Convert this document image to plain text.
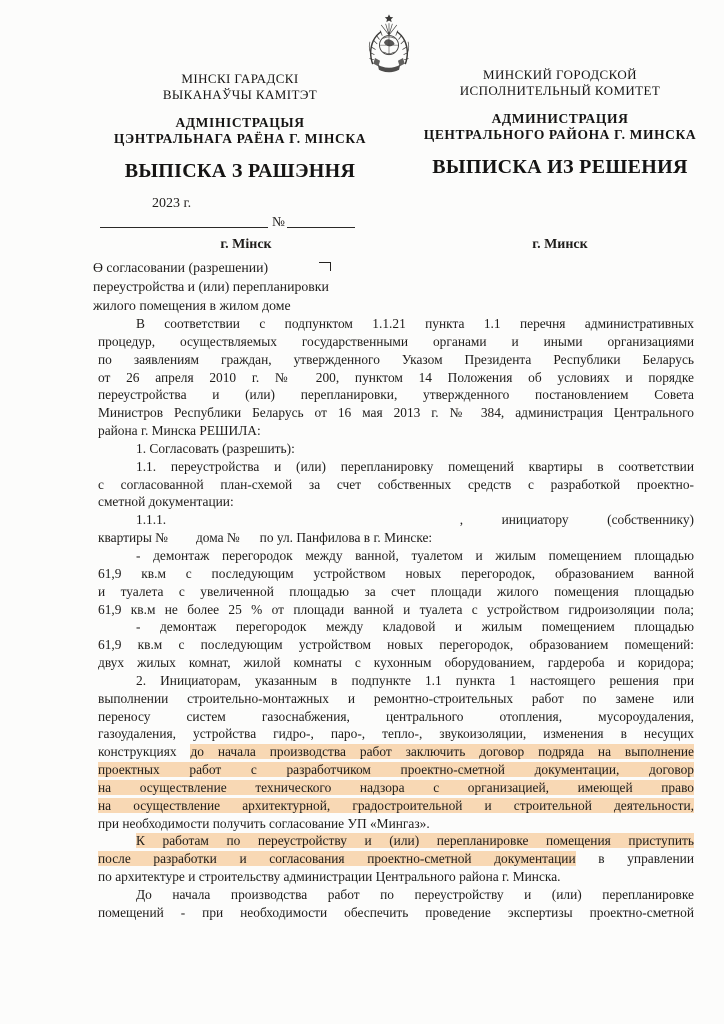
МІНСКІ ГАРАДСКІ
ВЫКАНАЎЧЫ КАМІТЭТ
АДМІНІСТРАЦЫЯ
ЦЭНТРАЛЬНАГА РАЁНА Г. МІНСКА
ВЫПІСКА З РАШЭННЯ
МИНСКИЙ ГОРОДСКОЙ
ИСПОЛНИТЕЛЬНЫЙ КОМИТЕТ
АДМИНИСТРАЦИЯ
ЦЕНТРАЛЬНОГО РАЙОНА Г. МИНСКА
ВЫПИСКА ИЗ РЕШЕНИЯ
2023 г.
№
г. Мінск	г. Минск
Ɵ согласовании (разрешении)
переустройства и (или) перепланировки
жилого помещения в жилом доме
В соответствии с подпунктом 1.1.21 пункта 1.1 перечня административных
процедур, осуществляемых государственными органами и иными организациями
по заявлениям граждан, утвержденного Указом Президента Республики Беларусь
от 26 апреля 2010 г. № 200, пунктом 14 Положения об условиях и порядке
переустройства и (или) перепланировки, утвержденного постановлением Совета
Министров Республики Беларусь от 16 мая 2013 г. № 384, администрация Центрального
района г. Минска РЕШИЛА:
1. Согласовать (разрешить):
1.1. переустройства и (или) перепланировку помещений квартиры в соответствии
с согласованной план-схемой за счет собственных средств с разработкой проектно-
сметной документации:
1.1.1.	, инициатору (собственнику)
квартиры № дома № по ул. Панфилова в г. Минске:
- демонтаж перегородок между ванной, туалетом и жилым помещением площадью
61,9 кв.м с последующим устройством новых перегородок, образованием ванной
и туалета с увеличенной площадью за счет площади жилого помещения площадью
61,9 кв.м не более 25 % от площади ванной и туалета с устройством гидроизоляции пола;
- демонтаж перегородок между кладовой и жилым помещением площадью
61,9 кв.м с последующим устройством новых перегородок, образованием помещений:
двух жилых комнат, жилой комнаты с кухонным оборудованием, гардероба и коридора;
2. Инициаторам, указанным в подпункте 1.1 пункта 1 настоящего решения при
выполнении строительно-монтажных и ремонтно-строительных работ по замене или
переносу систем газоснабжения, центрального отопления, мусороудаления,
газоудаления, устройства гидро-, паро-, тепло-, звукоизоляции, изменения в несущих
конструкциях до начала производства работ заключить договор подряда на выполнение
проектных работ с разработчиком проектно-сметной документации, договор
на осуществление технического надзора с организацией, имеющей право
на осуществление архитектурной, градостроительной и строительной деятельности,
при необходимости получить согласование УП «Мингаз».
К работам по переустройству и (или) перепланировке помещения приступить
после разработки и согласования проектно-сметной документации в управлении
по архитектуре и строительству администрации Центрального района г. Минска.
До начала производства работ по переустройству и (или) перепланировке
помещений - при необходимости обеспечить проведение экспертизы проектно-сметной
